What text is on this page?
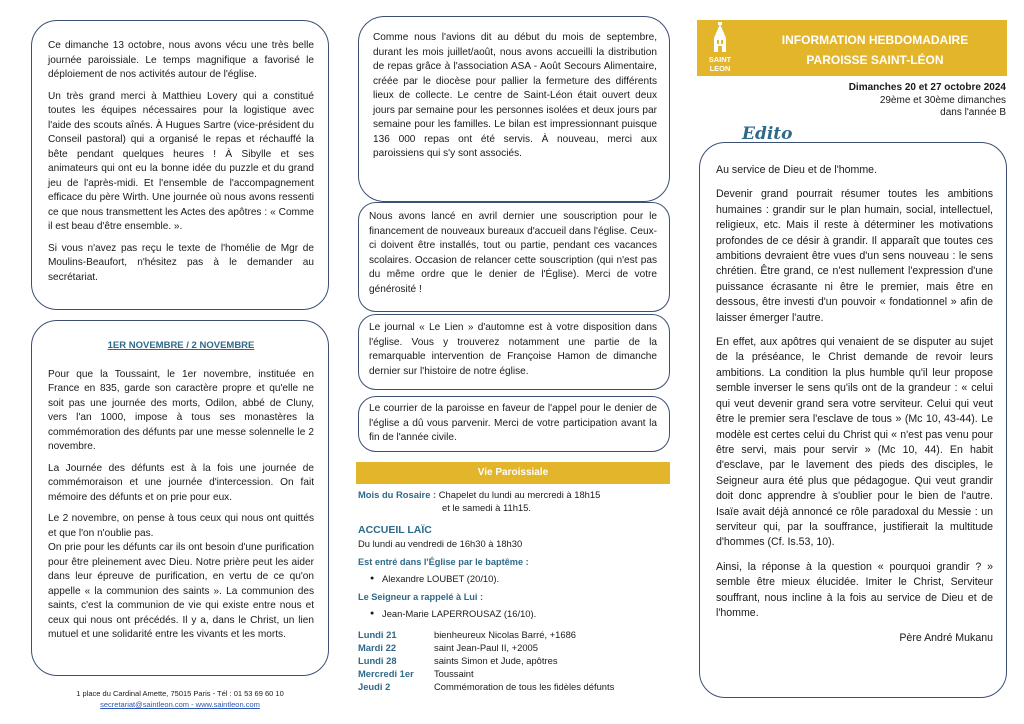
Ce dimanche 13 octobre, nous avons vécu une très belle journée paroissiale. Le temps magnifique a favorisé le déploiement de nos activités autour de l'église.

Un très grand merci à Matthieu Lovery qui a constitué toutes les équipes nécessaires pour la logistique avec l'aide des scouts aînés. À Hugues Sartre (vice-président du Conseil pastoral) qui a organisé le repas et réchauffé la bête pendant quelques heures ! À Sibylle et ses animateurs qui ont eu la bonne idée du puzzle et du grand jeu de l'après-midi. Et l'ensemble de l'accompagnement efficace du père Wirth. Une journée où nous avons ressenti ce que nous transmettent les Actes des apôtres : « Comme il est beau d'être ensemble. ».

Si vous n'avez pas reçu le texte de l'homélie de Mgr de Moulins-Beaufort, n'hésitez pas à le demander au secrétariat.

1ER NOVEMBRE / 2 NOVEMBRE

Pour que la Toussaint, le 1er novembre, instituée en France en 835, garde son caractère propre et qu'elle ne soit pas une journée des morts, Odilon, abbé de Cluny, vers l'an 1000, impose à tous ses monastères la commémoration des défunts par une messe solennelle le 2 novembre.

La Journée des défunts est à la fois une journée de commémoraison et une journée d'intercession. On fait mémoire des défunts et on prie pour eux.

Le 2 novembre, on pense à tous ceux qui nous ont quittés et que l'on n'oublie pas.

On prie pour les défunts car ils ont besoin d'une purification pour être pleinement avec Dieu. Notre prière peut les aider dans leur épreuve de purification, en vertu de ce qu'on appelle « la communion des saints ». La communion des saints, c'est la communion de vie qui existe entre nous et ceux qui nous ont précédés. Il y a, dans le Christ, un lien mutuel et une solidarité entre les vivants et les morts.

1 place du Cardinal Amette, 75015 Paris - Tél : 01 53 69 60 10
secretariat@saintleon.com - www.saintleon.com

Comme nous l'avions dit au début du mois de septembre, durant les mois juillet/août, nous avons accueilli la distribution de repas grâce à l'association ASA - Août Secours Alimentaire, créée par le diocèse pour pallier la fermeture des différents lieux de collecte. Le centre de Saint-Léon était ouvert deux jours par semaine pour les personnes isolées et deux jours par semaine pour les familles. Le bilan est impressionnant puisque 136 000 repas ont été servis. À nouveau, merci aux paroissiens qui s'y sont associés.

Nous avons lancé en avril dernier une souscription pour le financement de nouveaux bureaux d'accueil dans l'église. Ceux-ci doivent être installés, tout ou partie, pendant ces vacances scolaires. Occasion de relancer cette souscription (qui n'est pas du même ordre que le denier de l'Église). Merci de votre générosité !

Le journal « Le Lien » d'automne est à votre disposition dans l'église. Vous y trouverez notamment une partie de la remarquable intervention de Françoise Hamon de dimanche dernier sur l'histoire de notre église.

Le courrier de la paroisse en faveur de l'appel pour le denier de l'église a dû vous parvenir. Merci de votre participation avant la fin de l'année civile.

Vie Paroissiale
Mois du Rosaire : Chapelet du lundi au mercredi à 18h15
et le samedi à 11h15.
ACCUEIL LAÏC
Du lundi au vendredi de 16h30 à 18h30
Est entré dans l'Église par le baptême :
● Alexandre LOUBET (20/10).
Le Seigneur a rappelé à Lui :
● Jean-Marie LAPERROUSAZ (16/10).
Lundi 21	bienheureux Nicolas Barré, +1686
Mardi 22	saint Jean-Paul II, +2005
Lundi 28	saints Simon et Jude, apôtres
Mercredi 1er	Toussaint
Jeudi 2	Commémoration de tous les fidèles défunts
SAINT
LEON
INFORMATION HEBDOMADAIRE
PAROISSE SAINT-LÉON
Dimanches 20 et 27 octobre 2024
29ème et 30ème dimanches
dans l'année B
Edito

Au service de Dieu et de l'homme.

Devenir grand pourrait résumer toutes les ambitions humaines : grandir sur le plan humain, social, intellectuel, religieux, etc. Mais il reste à déterminer les motivations profondes de ce désir à grandir. Il apparaît que toutes ces ambitions devraient être vues d'un sens nouveau : le sens chrétien. Être grand, ce n'est nullement l'expression d'une puissance écrasante ni être le premier, mais être en dessous, être investi d'un pouvoir « fondationnel » afin de laisser émerger l'autre.

En effet, aux apôtres qui venaient de se disputer au sujet de la préséance, le Christ demande de revoir leurs ambitions. La condition la plus humble qu'il leur propose semble inverser le sens qu'ils ont de la grandeur : « celui qui veut devenir grand sera votre serviteur. Celui qui veut être le premier sera l'esclave de tous » (Mc 10, 43-44). Le modèle est certes celui du Christ qui « n'est pas venu pour être servi, mais pour servir » (Mc 10, 44). En habit d'esclave, par le lavement des pieds des disciples, le Seigneur aura été plus que pédagogue. Qui veut grandir doit donc apprendre à s'oublier pour le bien de l'autre. Isaïe avait déjà annoncé ce rôle paradoxal du Messie : un serviteur qui, par la souffrance, justifierait la multitude d'hommes (Cf. Is.53, 10).

Ainsi, la réponse à la question « pourquoi grandir ? » semble être mieux élucidée. Imiter le Christ, Serviteur souffrant, nous incline à la fois au service de Dieu et de l'homme.

Père André Mukanu
